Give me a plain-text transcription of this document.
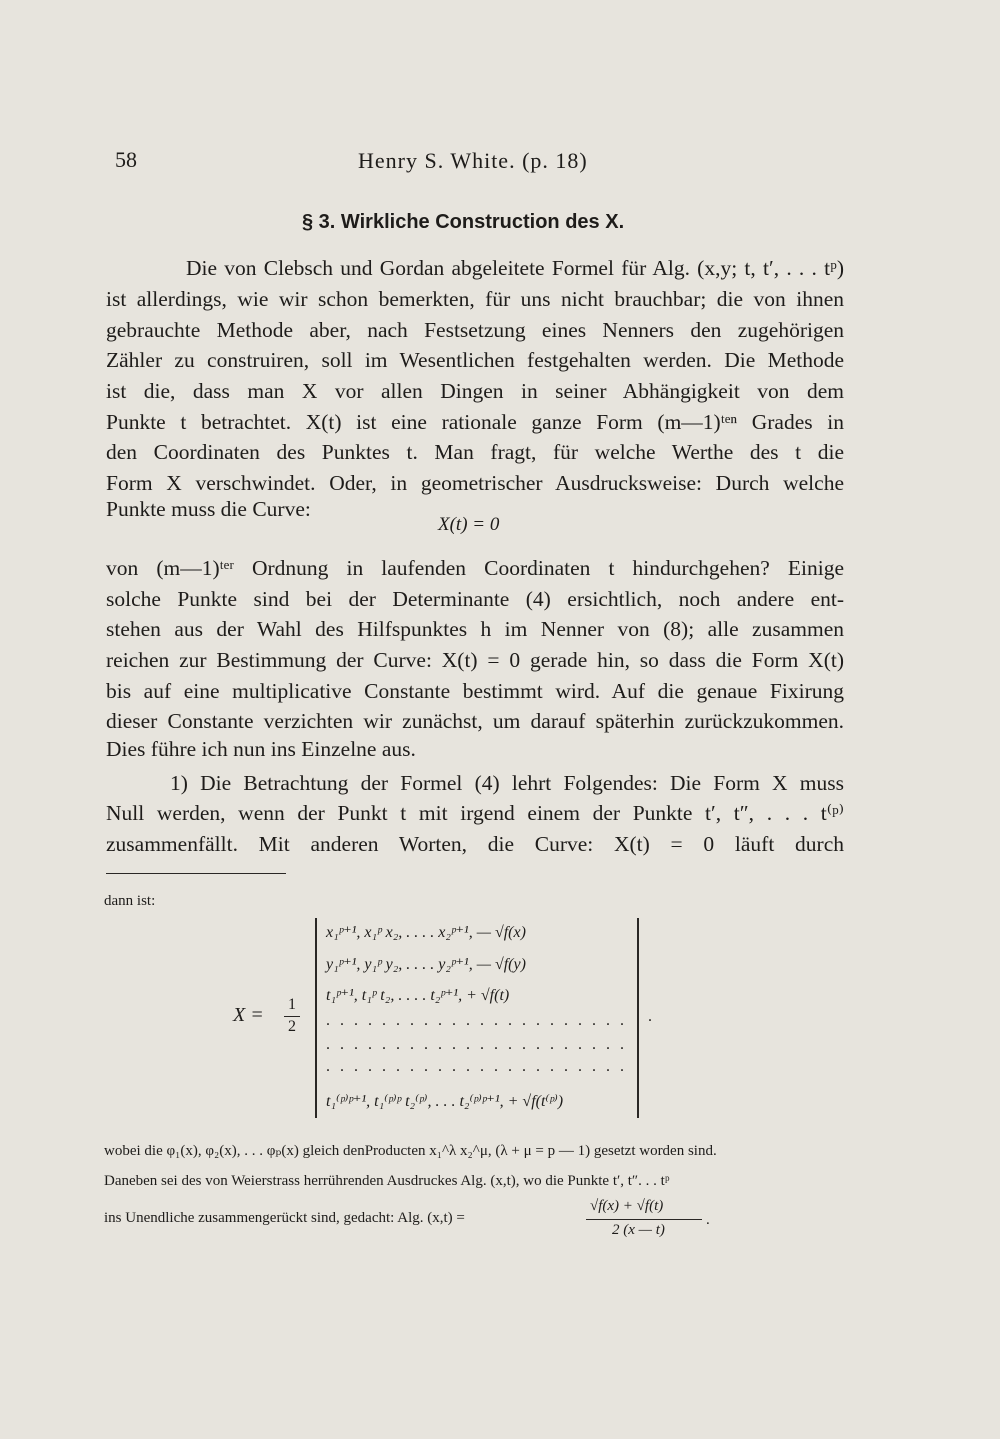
58	Henry S. White. (p. 18)
§ 3. Wirkliche Construction des X.
Die von Clebsch und Gordan abgeleitete Formel für Alg. (x,y; t, t′, . . . tᵖ)
ist allerdings, wie wir schon bemerkten, für uns nicht brauchbar; die von ihnen
gebrauchte Methode aber, nach Festsetzung eines Nenners den zugehörigen
Zähler zu construiren, soll im Wesentlichen festgehalten werden. Die Methode
ist die, dass man X vor allen Dingen in seiner Abhängigkeit von dem
Punkte t betrachtet. X(t) ist eine rationale ganze Form (m—1)ᵗᵉⁿ Grades in
den Coordinaten des Punktes t. Man fragt, für welche Werthe des t die
Form X verschwindet. Oder, in geometrischer Ausdrucksweise: Durch welche
Punkte muss die Curve:
X(t) = 0
von (m—1)ᵗᵉʳ Ordnung in laufenden Coordinaten t hindurchgehen? Einige
solche Punkte sind bei der Determinante (4) ersichtlich, noch andere ent-
stehen aus der Wahl des Hilfspunktes h im Nenner von (8); alle zusammen
reichen zur Bestimmung der Curve: X(t) = 0 gerade hin, so dass die Form X(t)
bis auf eine multiplicative Constante bestimmt wird. Auf die genaue Fixirung
dieser Constante verzichten wir zunächst, um darauf späterhin zurückzukommen.
Dies führe ich nun ins Einzelne aus.
1) Die Betrachtung der Formel (4) lehrt Folgendes: Die Form X muss
Null werden, wenn der Punkt t mit irgend einem der Punkte t′, t″, . . . t⁽ᵖ⁾
zusammenfällt. Mit anderen Worten, die Curve: X(t) = 0 läuft durch
dann ist:
X = 1
2
.
x₁ᵖ⁺¹, x₁ᵖ x₂, . . . . x₂ᵖ⁺¹, — √f(x)
y₁ᵖ⁺¹, y₁ᵖ y₂, . . . . y₂ᵖ⁺¹, — √f(y)
t₁ᵖ⁺¹, t₁ᵖ t₂, . . . . t₂ᵖ⁺¹, + √f(t)
. . . . . . . . . . . . . . . . . . . . . .
. . . . . . . . . . . . . . . . . . . . . .
. . . . . . . . . . . . . . . . . . . . . .
t₁⁽ᵖ⁾ᵖ⁺¹, t₁⁽ᵖ⁾ᵖ t₂⁽ᵖ⁾, . . . t₂⁽ᵖ⁾ᵖ⁺¹, + √f(t⁽ᵖ⁾)
wobei die φ₁(x), φ₂(x), . . . φₚ(x) gleich denProducten x₁^λ x₂^μ, (λ + μ = p — 1) gesetzt worden sind.
Daneben sei des von Weierstrass herrührenden Ausdruckes Alg. (x,t), wo die Punkte t′, t″. . . tᵖ
ins Unendliche zusammengerückt sind, gedacht: Alg. (x,t) =
√f(x) + √f(t)
2 (x — t)
.
